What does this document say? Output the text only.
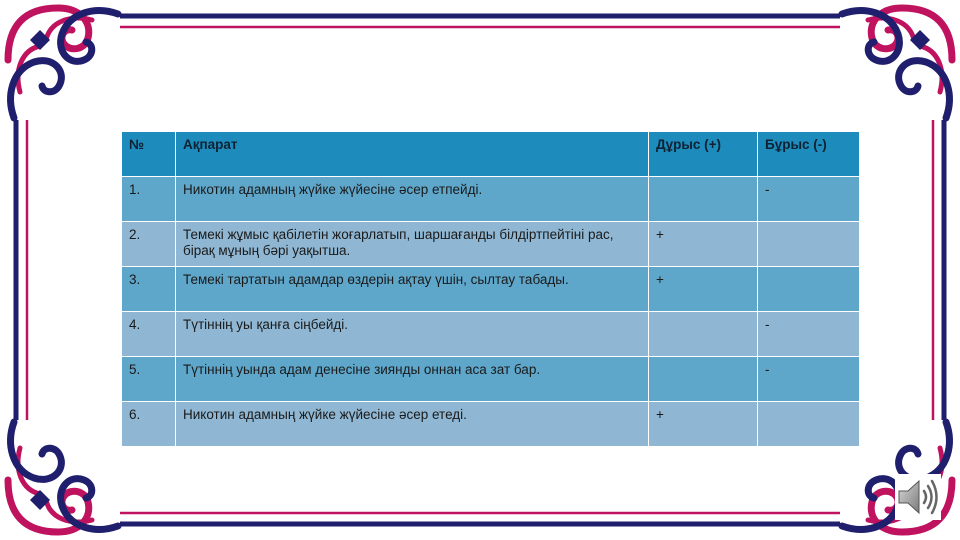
№	Ақпарат	Дұрыс (+)	Бұрыс (-)
1.	Никотин адамның жүйке жүйесіне әсер етпейді.		-
2.	Темекі жұмыс қабілетін жоғарлатып, шаршағанды білдіртпейтіні рас, бірақ мұның бәрі уақытша.	+	
3.	Темекі тартатын адамдар өздерін ақтау үшін, сылтау табады.	+	
4.	Түтіннің уы қанға сіңбейді.		-
5.	Түтіннің уында адам денесіне зиянды оннан аса зат бар.		-
6.	Никотин адамның жүйке жүйесіне әсер етеді.	+	
